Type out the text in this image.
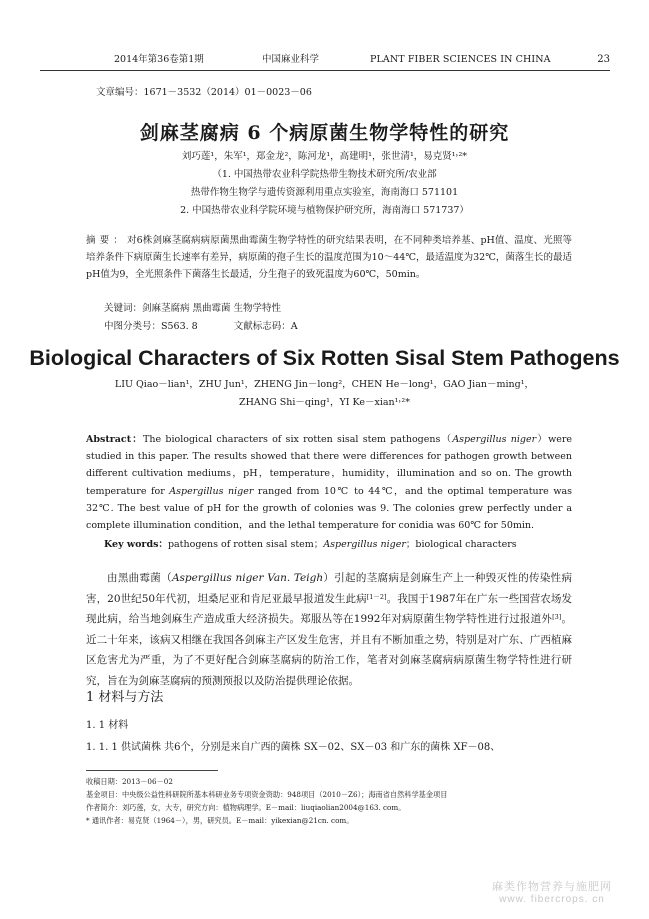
2014年第36卷第1期	中国麻业科学	PLANT FIBER SCIENCES IN CHINA	23
文章编号：1671－3532（2014）01－0023－06
剑麻茎腐病 6 个病原菌生物学特性的研究
刘巧莲¹，朱军¹，郑金龙²，陈河龙¹，高建明¹，张世清¹，易克贤¹˒²*
（1. 中国热带农业科学院热带生物技术研究所/农业部
热带作物生物学与遗传资源利用重点实验室，海南海口 571101
2. 中国热带农业科学院环境与植物保护研究所，海南海口 571737）
摘要：对6株剑麻茎腐病病原菌黑曲霉菌生物学特性的研究结果表明，在不同种类培养基、pH值、温度、光照等培养条件下病原菌生长速率有差异，病原菌的孢子生长的温度范围为10～44℃，最适温度为32℃，菌落生长的最适pH值为9，全光照条件下菌落生长最适，分生孢子的致死温度为60℃，50min。
关键词：剑麻茎腐病 黑曲霉菌 生物学特性
中图分类号：S563. 8	文献标志码：A
Biological Characters of Six Rotten Sisal Stem Pathogens
LIU Qiao－lian¹，ZHU Jun¹，ZHENG Jin－long²，CHEN He－long¹，GAO Jian－ming¹，
ZHANG Shi－qing¹，YI Ke－xian¹˒²*
Abstract：The biological characters of six rotten sisal stem pathogens（Aspergillus niger）were studied in this paper. The results showed that there were differences for pathogen growth between different cultivation mediums，pH，temperature，humidity，illumination and so on. The growth temperature for Aspergillus niger ranged from 10℃ to 44℃，and the optimal temperature was 32℃. The best value of pH for the growth of colonies was 9. The colonies grew perfectly under a complete illumination condition，and the lethal temperature for conidia was 60℃ for 50min.
Key words：pathogens of rotten sisal stem；Aspergillus niger；biological characters
由黑曲霉菌（Aspergillus niger Van. Teigh）引起的茎腐病是剑麻生产上一种毁灭性的传染性病害，20世纪50年代初，坦桑尼亚和肯尼亚最早报道发生此病[1－2]。我国于1987年在广东一些国营农场发现此病，给当地剑麻生产造成重大经济损失。郑服丛等在1992年对病原菌生物学特性进行过报道外[3]。近二十年来，该病又相继在我国各剑麻主产区发生危害，并且有不断加重之势，特别是对广东、广西植麻区危害尤为严重，为了不更好配合剑麻茎腐病的防治工作，笔者对剑麻茎腐病病原菌生物学特性进行研究，旨在为剑麻茎腐病的预测预报以及防治提供理论依据。
1 材料与方法
1. 1 材料
1. 1. 1 供试菌株 共6个，分别是来自广西的菌株 SX－02、SX－03 和广东的菌株 XF－08、
收稿日期：2013－06－02
基金项目：中央级公益性科研院所基本科研业务专项资金资助：948项目（2010－Z6）；海南省自然科学基金项目
作者简介：刘巧莲，女，大专，研究方向：植物病理学。E－mail：liuqiaolian2004@163. com。
* 通讯作者：易克贤（1964－），男，研究员。E－mail：yikexian@21cn. com。
麻类作物营养与施肥网
www. fibercrops. cn
